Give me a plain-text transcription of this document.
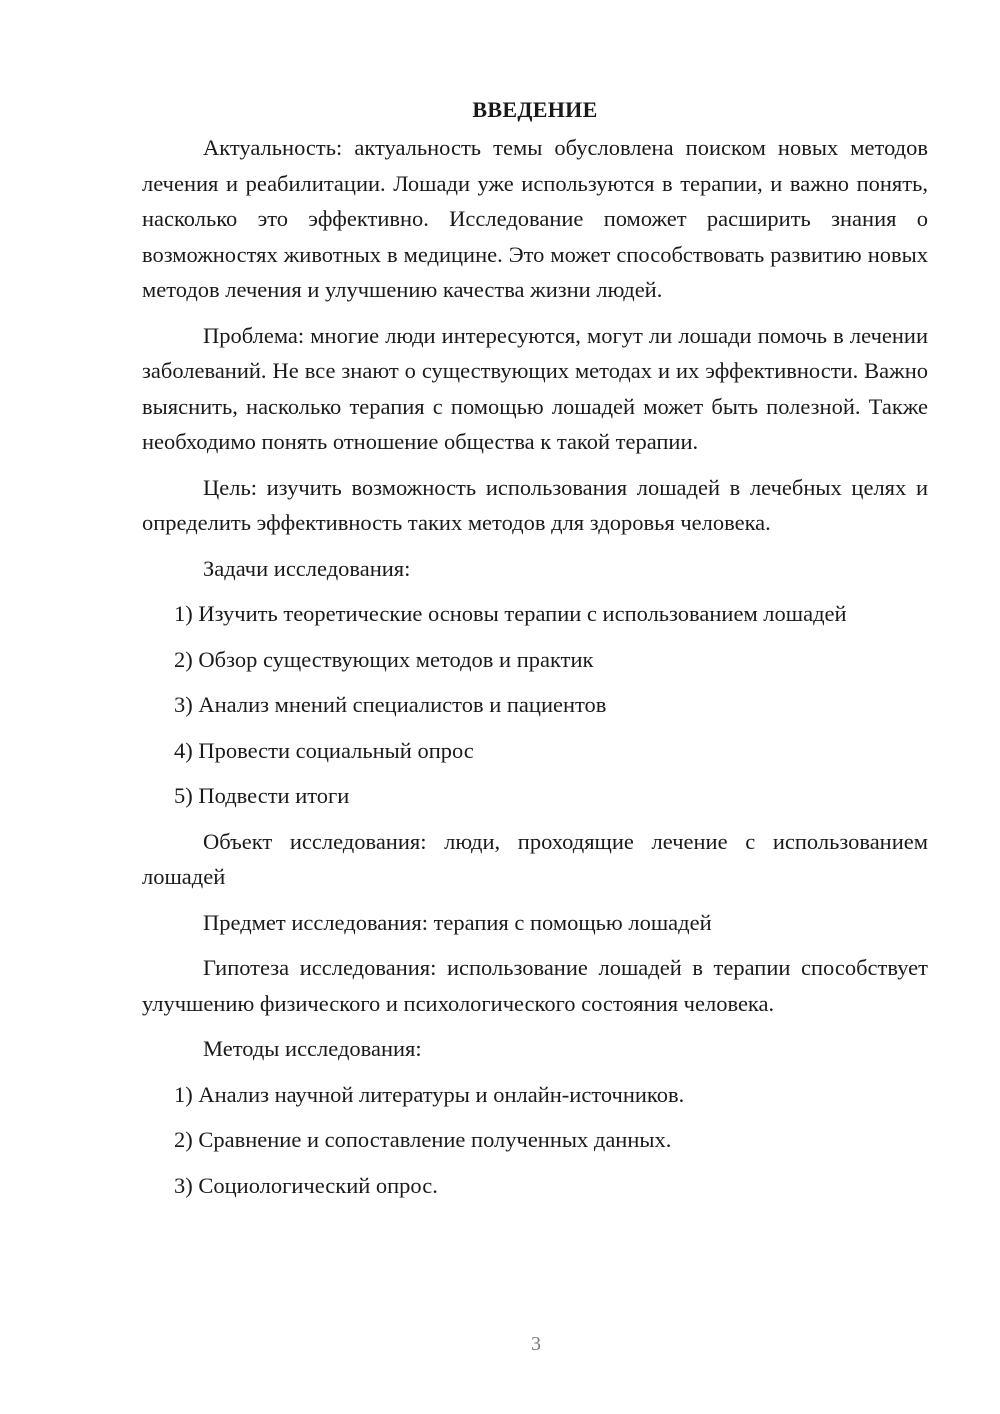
ВВЕДЕНИЕ

Актуальность: актуальность темы обусловлена поиском новых методов лечения и реабилитации. Лошади уже используются в терапии, и важно понять, насколько это эффективно. Исследование поможет расширить знания о возможностях животных в медицине. Это может способствовать развитию новых методов лечения и улучшению качества жизни людей.

Проблема: многие люди интересуются, могут ли лошади помочь в лечении заболеваний. Не все знают о существующих методах и их эффективности. Важно выяснить, насколько терапия с помощью лошадей может быть полезной. Также необходимо понять отношение общества к такой терапии.

Цель: изучить возможность использования лошадей в лечебных целях и определить эффективность таких методов для здоровья человека.

Задачи исследования:
1) Изучить теоретические основы терапии с использованием лошадей
2) Обзор существующих методов и практик
3) Анализ мнений специалистов и пациентов
4) Провести социальный опрос
5) Подвести итоги

Объект исследования: люди, проходящие лечение с использованием лошадей

Предмет исследования: терапия с помощью лошадей

Гипотеза исследования: использование лошадей в терапии способствует улучшению физического и психологического состояния человека.

Методы исследования:
1) Анализ научной литературы и онлайн-источников.
2) Сравнение и сопоставление полученных данных.
3) Социологический опрос.
3
